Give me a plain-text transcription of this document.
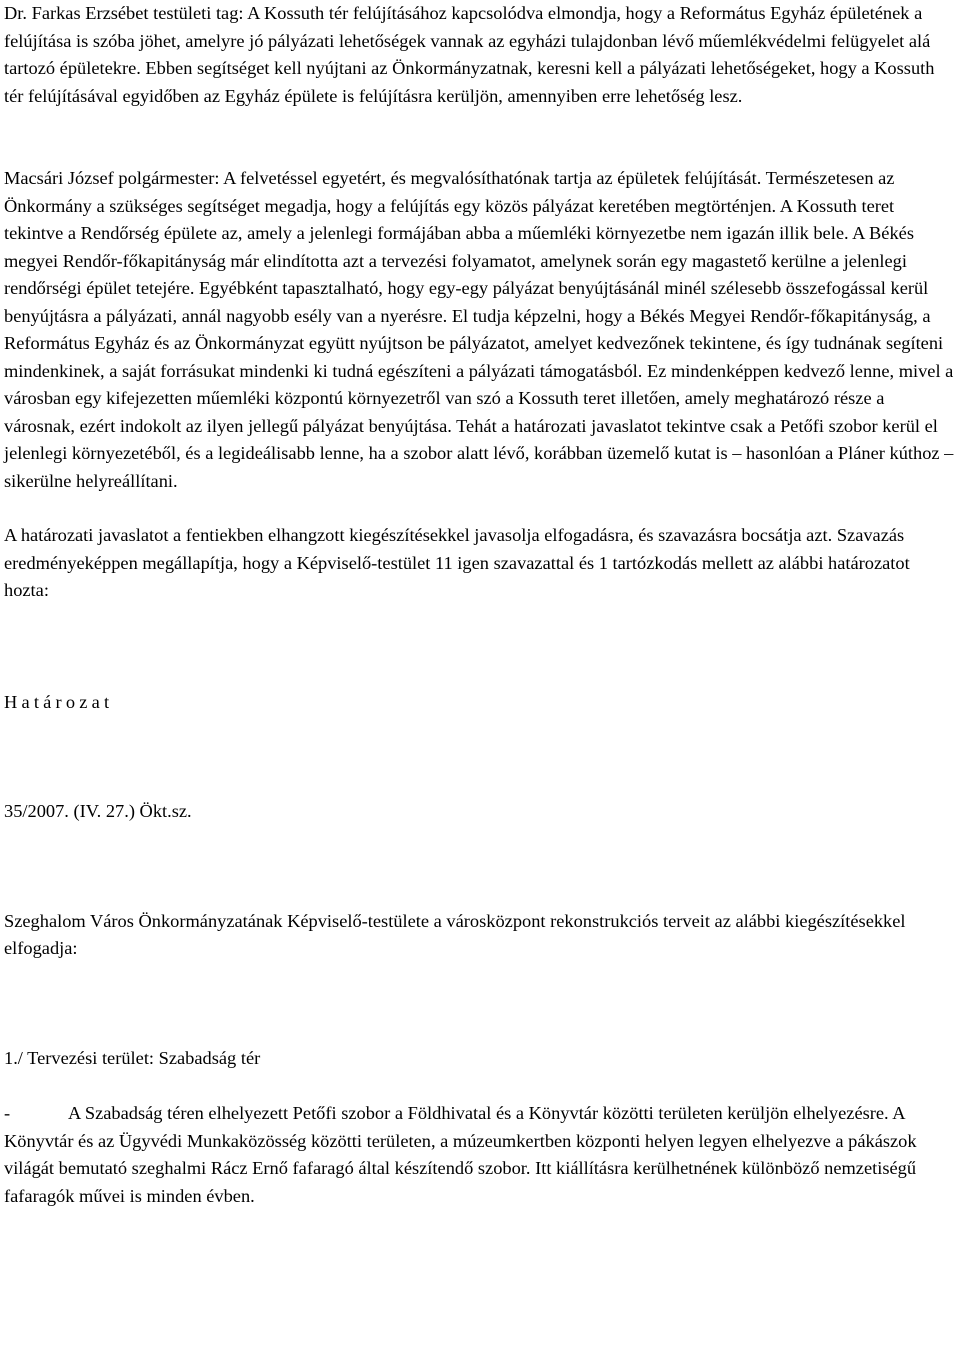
Dr. Farkas Erzsébet testületi tag: A Kossuth tér felújításához kapcsolódva elmondja, hogy a Református Egyház épületének a felújítása is szóba jöhet, amelyre jó pályázati lehetőségek vannak az egyházi tulajdonban lévő műemlékvédelmi felügyelet alá tartozó épületekre. Ebben segítséget kell nyújtani az Önkormányzatnak, keresni kell a pályázati lehetőségeket, hogy a Kossuth tér felújításával egyidőben az Egyház épülete is felújításra kerüljön, amennyiben erre lehetőség lesz.

Macsári József polgármester: A felvetéssel egyetért, és megvalósíthatónak tartja az épületek felújítását. Természetesen az Önkormány a szükséges segítséget megadja, hogy a felújítás egy közös pályázat keretében megtörténjen. A Kossuth teret tekintve a Rendőrség épülete az, amely a jelenlegi formájában abba a műemléki környezetbe nem igazán illik bele. A Békés megyei Rendőr-főkapitányság már elindította azt a tervezési folyamatot, amelynek során egy magastető kerülne a jelenlegi rendőrségi épület tetejére. Egyébként tapasztalható, hogy egy-egy pályázat benyújtásánál minél szélesebb összefogással kerül benyújtásra a pályázati, annál nagyobb esély van a nyerésre. El tudja képzelni, hogy a Békés Megyei Rendőr-főkapitányság, a Református Egyház és az Önkormányzat együtt nyújtson be pályázatot, amelyet kedvezőnek tekintene, és így tudnának segíteni mindenkinek, a saját forrásukat mindenki ki tudná egészíteni a pályázati támogatásból. Ez mindenképpen kedvező lenne, mivel a városban egy kifejezetten műemléki központú környezetről van szó a Kossuth teret illetően, amely meghatározó része a városnak, ezért indokolt az ilyen jellegű pályázat benyújtása. Tehát a határozati javaslatot tekintve csak a Petőfi szobor kerül el jelenlegi környezetéből, és a legideálisabb lenne, ha a szobor alatt lévő, korábban üzemelő kutat is – hasonlóan a Pláner kúthoz – sikerülne helyreállítani.

A határozati javaslatot a fentiekben elhangzott kiegészítésekkel javasolja elfogadásra, és szavazásra bocsátja azt. Szavazás eredményeképpen megállapítja, hogy a Képviselő-testület 11 igen szavazattal és 1 tartózkodás mellett az alábbi határozatot hozta:

Határozat

35/2007. (IV. 27.) Ökt.sz.

Szeghalom Város Önkormányzatának Képviselő-testülete a városközpont rekonstrukciós terveit az alábbi kiegészítésekkel elfogadja:

1./ Tervezési terület: Szabadság tér

-	A Szabadság téren elhelyezett Petőfi szobor a Földhivatal és a Könyvtár közötti területen kerüljön elhelyezésre. A Könyvtár és az Ügyvédi Munkaközösség közötti területen, a múzeumkertben központi helyen legyen elhelyezve a pákászok világát bemutató szeghalmi Rácz Ernő fafaragó által készítendő szobor. Itt kiállításra kerülhetnének különböző nemzetiségű fafaragók művei is minden évben.
